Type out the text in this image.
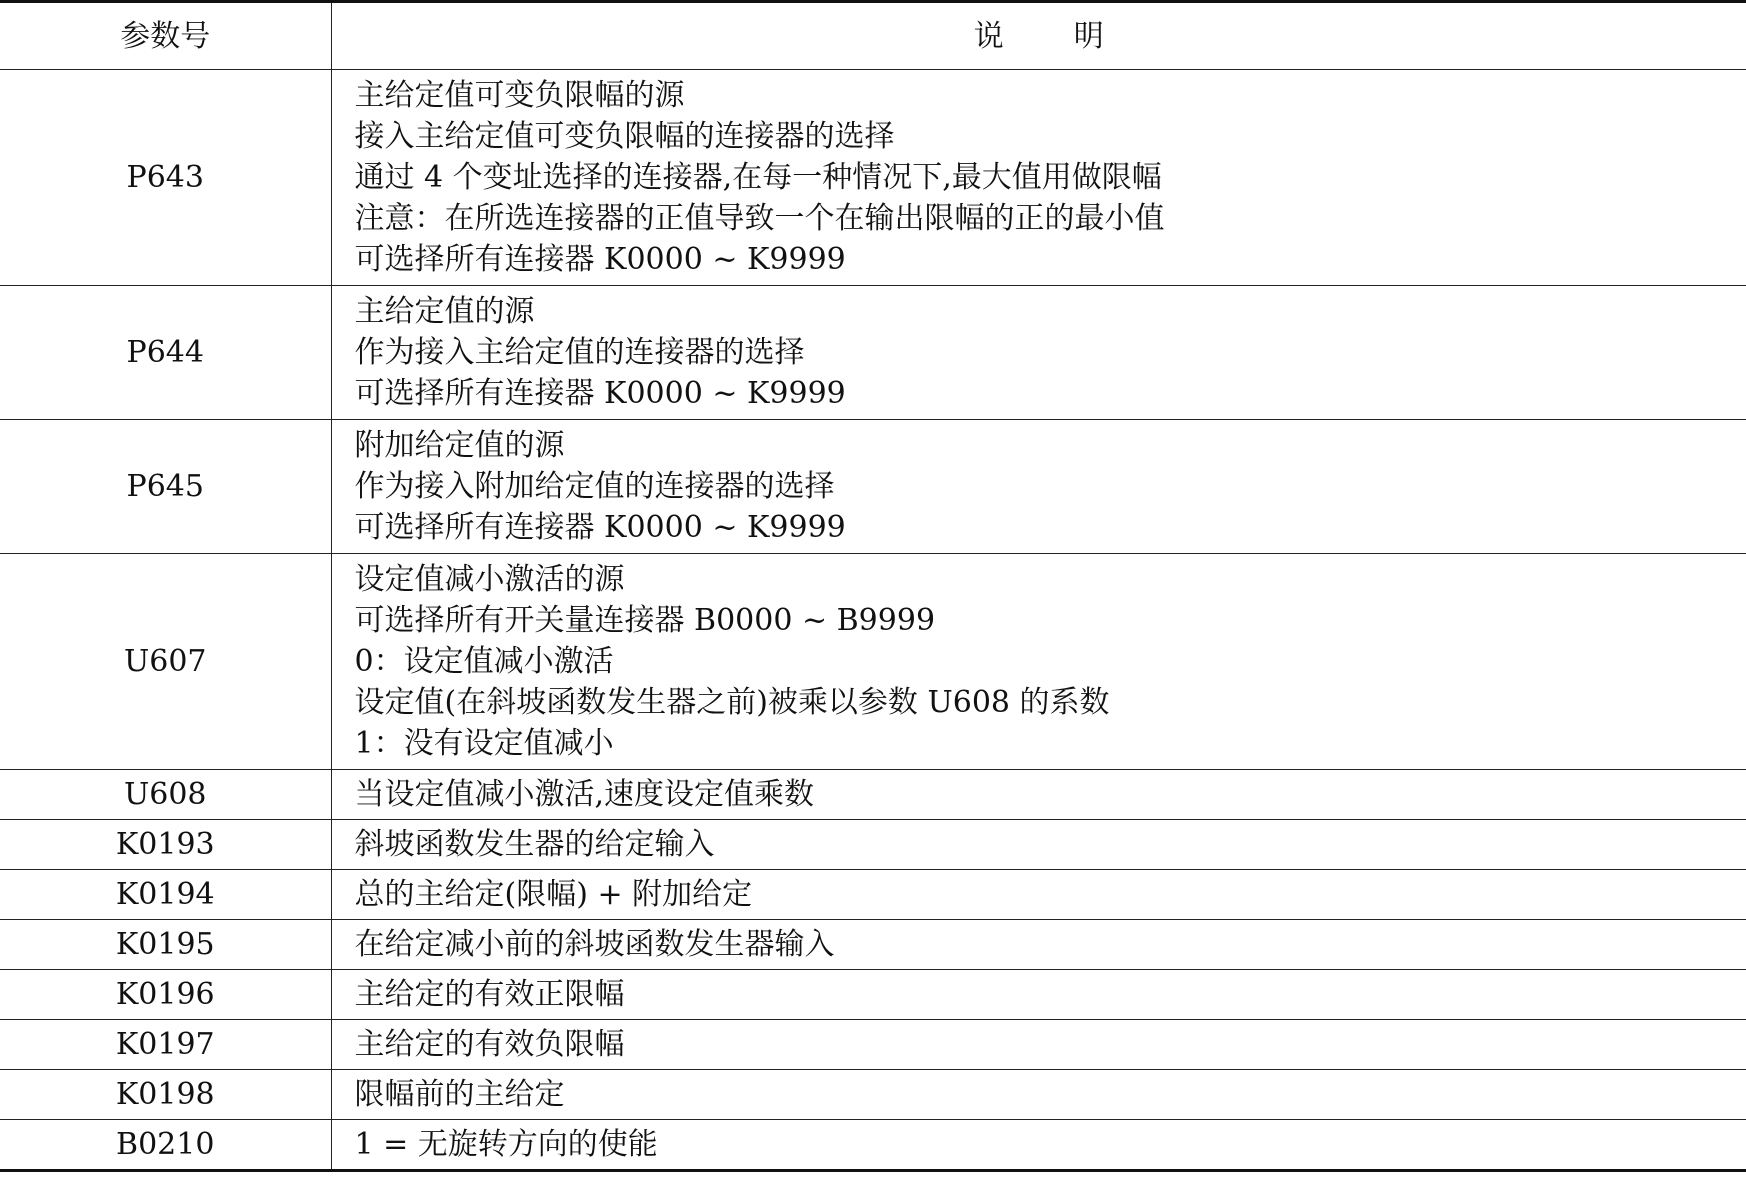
参数号	说明
P643	主给定值可变负限幅的源
接入主给定值可变负限幅的连接器的选择
通过 4 个变址选择的连接器,在每一种情况下,最大值用做限幅
注意：在所选连接器的正值导致一个在输出限幅的正的最小值
可选择所有连接器 K0000 ~ K9999

P644	主给定值的源
作为接入主给定值的连接器的选择
可选择所有连接器 K0000 ~ K9999

P645	附加给定值的源
作为接入附加给定值的连接器的选择
可选择所有连接器 K0000 ~ K9999

U607	设定值减小激活的源
可选择所有开关量连接器 B0000 ~ B9999
0：设定值减小激活
设定值(在斜坡函数发生器之前)被乘以参数 U608 的系数
1：没有设定值减小

U608	当设定值减小激活,速度设定值乘数
K0193	斜坡函数发生器的给定输入
K0194	总的主给定(限幅) + 附加给定
K0195	在给定减小前的斜坡函数发生器输入
K0196	主给定的有效正限幅
K0197	主给定的有效负限幅
K0198	限幅前的主给定
B0210	1 = 无旋转方向的使能
